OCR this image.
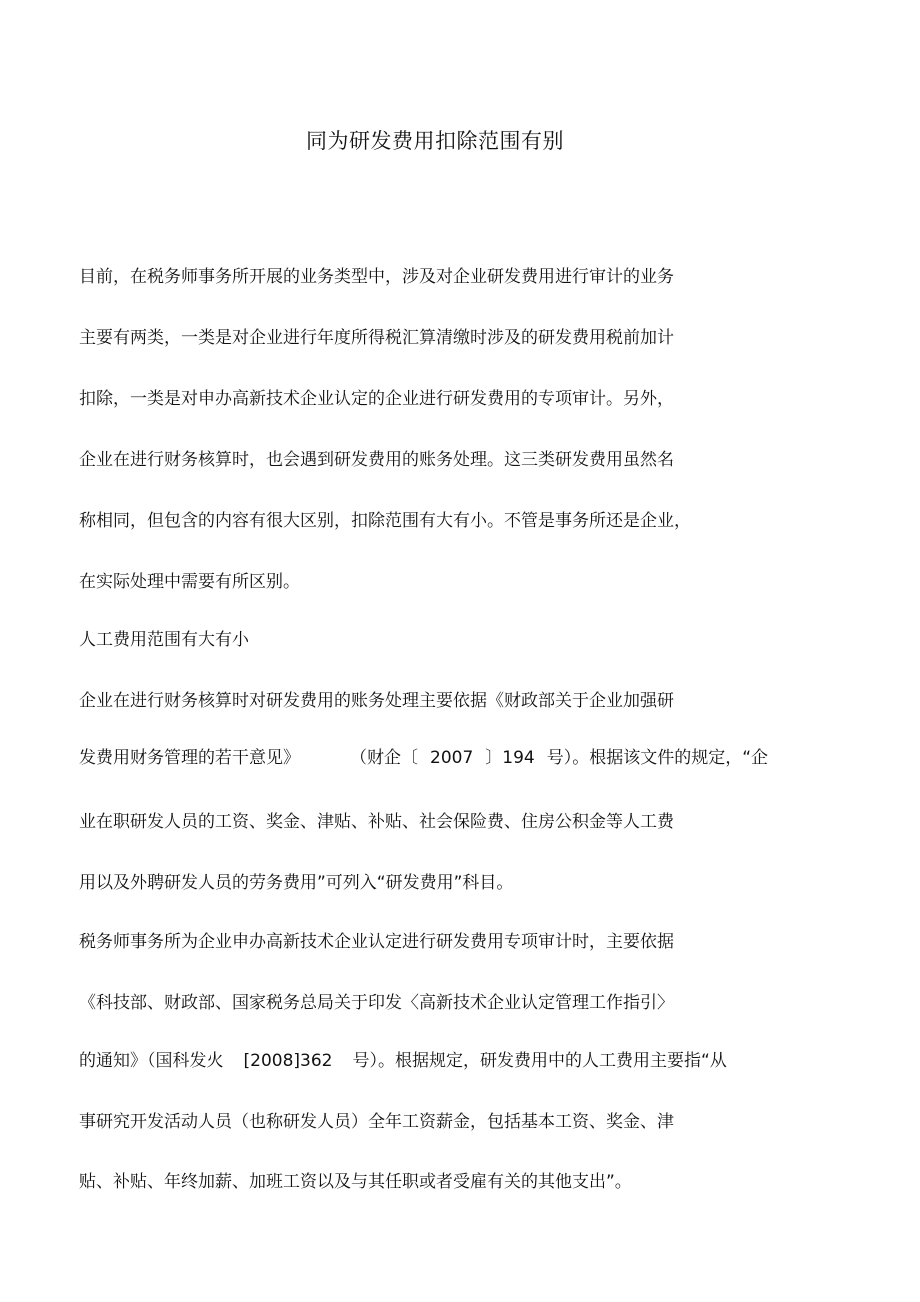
同为研发费用扣除范围有别
目前，在税务师事务所开展的业务类型中，涉及对企业研发费用进行审计的业务
主要有两类，一类是对企业进行年度所得税汇算清缴时涉及的研发费用税前加计
扣除，一类是对申办高新技术企业认定的企业进行研发费用的专项审计。另外，
企业在进行财务核算时，也会遇到研发费用的账务处理。这三类研发费用虽然名
称相同，但包含的内容有很大区别，扣除范围有大有小。不管是事务所还是企业，
在实际处理中需要有所区别。
人工费用范围有大有小
企业在进行财务核算时对研发费用的账务处理主要依据《财政部关于企业加强研
发费用财务管理的若干意见》	（财企〔 2007 〕194 号）。根据该文件的规定，“企
业在职研发人员的工资、奖金、津贴、补贴、社会保险费、住房公积金等人工费
用以及外聘研发人员的劳务费用”可列入“研发费用”科目。
税务师事务所为企业申办高新技术企业认定进行研发费用专项审计时，主要依据
《科技部、财政部、国家税务总局关于印发〈高新技术企业认定管理工作指引〉
的通知》（国科发火 [2008]362 号）。根据规定，研发费用中的人工费用主要指“从
事研究开发活动人员（也称研发人员）全年工资薪金，包括基本工资、奖金、津
贴、补贴、年终加薪、加班工资以及与其任职或者受雇有关的其他支出”。
